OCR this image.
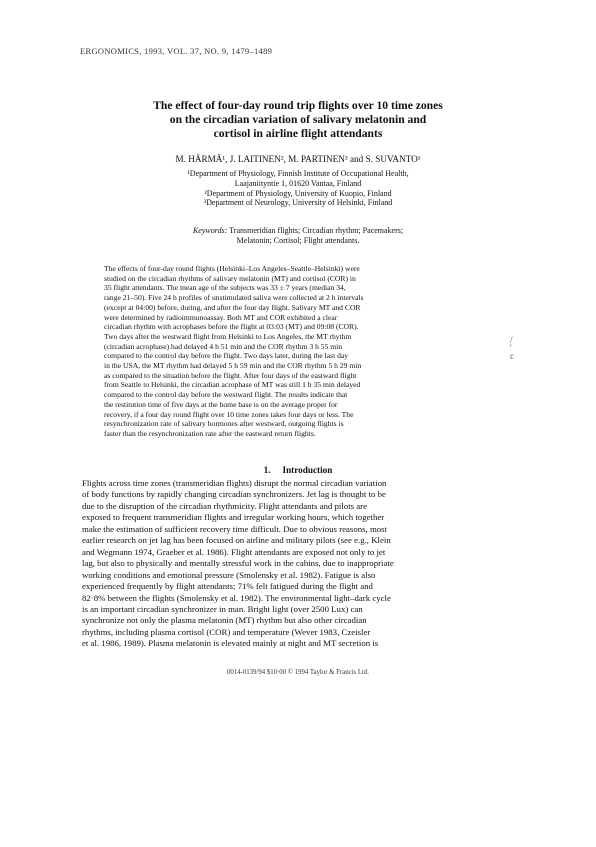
ERGONOMICS, 1993, VOL. 37, NO. 9, 1479–1489
The effect of four-day round trip flights over 10 time zones
on the circadian variation of salivary melatonin and
cortisol in airline flight attendants
M. HÄRMÄ¹, J. LAITINEN², M. PARTINEN³ and S. SUVANTO¹
¹Department of Physiology, Finnish Institute of Occupational Health,
Laajaniityntie 1, 01620 Vantaa, Finland
²Department of Physiology, University of Kuopio, Finland
³Department of Neurology, University of Helsinki, Finland
Keywords: Transmeridian flights; Circadian rhythm; Pacemakers;
Melatonin; Cortisol; Flight attendants.
The effects of four-day round flights (Helsinki–Los Angeles–Seattle–Helsinki) were
studied on the circadian rhythms of salivary melatonin (MT) and cortisol (COR) in
35 flight attendants. The mean age of the subjects was 33 ± 7 years (median 34,
range 21–50). Five 24 h profiles of unstimulated saliva were collected at 2 h intervals
(except at 04:00) before, during, and after the four day flight. Salivary MT and COR
were determined by radioimmunoassay. Both MT and COR exhibited a clear
circadian rhythm with acrophases before the flight at 03:03 (MT) and 09:08 (COR).
Two days after the westward flight from Helsinki to Los Angeles, the MT rhythm
(circadian acrophase) had delayed 4 h 51 min and the COR rhythm 3 h 55 min
compared to the control day before the flight. Two days later, during the last day
in the USA, the MT rhythm had delayed 5 h 59 min and the COR rhythm 5 h 29 min
as compared to the situation before the flight. After four days of the eastward flight
from Seattle to Helsinki, the circadian acrophase of MT was still 1 h 35 min delayed
compared to the control day before the westward flight. The results indicate that
the restitution time of five days at the home base is on the average proper for
recovery, if a four day round flight over 10 time zones takes four days or less. The
resynchronization rate of salivary hormones after westward, outgoing flights is
faster than the resynchronization rate after the eastward return flights.
/
'
c
1. Introduction
Flights across time zones (transmeridian flights) disrupt the normal circadian variation
of body functions by rapidly changing circadian synchronizers. Jet lag is thought to be
due to the disruption of the circadian rhythmicity. Flight attendants and pilots are
exposed to frequent transmeridian flights and irregular working hours, which together
make the estimation of sufficient recovery time difficult. Due to obvious reasons, most
earlier research on jet lag has been focused on airline and military pilots (see e.g., Klein
and Wegmann 1974, Graeber et al. 1986). Flight attendants are exposed not only to jet
lag, but also to physically and mentally stressful work in the cabins, due to inappropriate
working conditions and emotional pressure (Smolensky et al. 1982). Fatigue is also
experienced frequently by flight attendants; 71% felt fatigued during the flight and
82·8% between the flights (Smolensky et al. 1982). The environmental light–dark cycle
is an important circadian synchronizer in man. Bright light (over 2500 Lux) can
synchronize not only the plasma melatonin (MT) rhythm but also other circadian
rhythms, including plasma cortisol (COR) and temperature (Wever 1983, Czeisler
et al. 1986, 1989). Plasma melatonin is elevated mainly at night and MT secretion is
0014-0139/94 $10·00 © 1994 Taylor & Francis Ltd.
